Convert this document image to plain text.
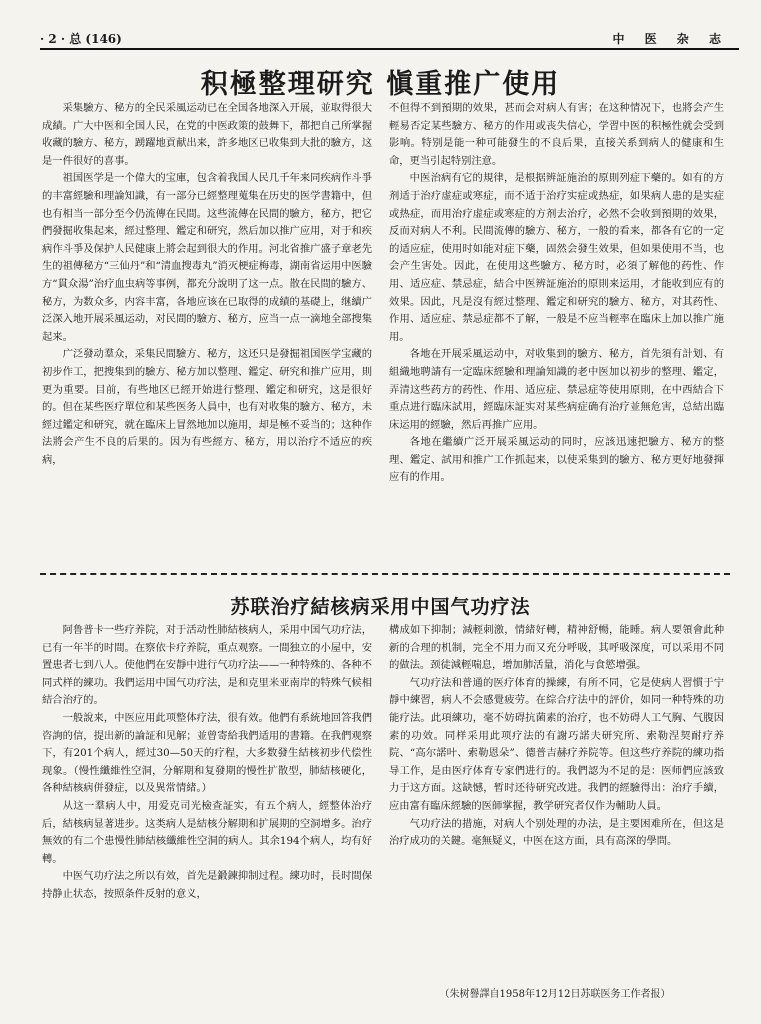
· 2 · 总 (146)	中 医 杂 志
积極整理研究 愼重推广使用

采集驗方、秘方的全民采風运动已在全国各地深入开展，並取得很大成績。广大中医和全国人民，在党的中医政策的鼓舞下，都把自己所掌握收藏的驗方、秘方，踴躍地貢献出来，許多地区已收集到大批的驗方，这是一件很好的喜事。

祖国医学是一个偉大的宝庫，包含着我国人民几千年来同疾病作斗爭的丰富經驗和理論知識，有一部分已經整理蒐集在历史的医学書籍中，但也有相当一部分至今仍流傳在民間。这些流傳在民間的驗方，秘方，把它們發掘收集起来，經过整理、鑑定和研究，然后加以推广应用，对于和疾病作斗爭及保护人民健康上將会起到很大的作用。河北省推广盛子章老先生的祖傳秘方“三仙丹”和“清血搜毒丸”消灭梗症梅毒，湖南省运用中医驗方“貫众湯”治疗血虫病等事例，都充分說明了这一点。散在民間的驗方、秘方，为数众多，内容丰富，各地应该在已取得的成績的基礎上，继續广泛深入地开展采風运动，对民間的驗方、秘方，应当一点一滴地全部搜集起来。

广泛發动羣众，采集民間驗方、秘方，这还只是發掘祖国医学宝藏的初步作工，把搜集到的驗方、秘方加以整理、鑑定、研究和推广应用，則更为重要。目前，有些地区已經开始进行整理、鑑定和研究，这是很好的。但在某些医疗單位和某些医务人員中，也有对收集的驗方、秘方，未經过鑑定和研究，就在臨床上冒然地加以施用，却是極不妥当的；这种作法將会产生不良的后果的。因为有些經方、秘方，用以治疗不适应的疾病，

不但得不到預期的效果，甚而会对病人有害；在这种情况下，也將会产生輕易否定某些驗方、秘方的作用或丧失信心，学習中医的积極性就会受到影响。特别是能一种可能發生的不良后果，直接关系到病人的健康和生命，更当引起特别注意。

中医治病有它的規律，是根据辨証施治的原則列症下藥的。如有的方剂适于治疗虚症或寒症，而不适于治疗实症或热症，如果病人患的是实症或热症，而用治疗虚症或寒症的方剂去治疗，必然不会收到預期的效果，反而对病人不利。民間流傳的驗方、秘方，一般的看来，都各有它的一定的适应症，使用时如能对症下藥，固然会發生效果，但如果使用不当，也会产生害处。因此，在使用这些驗方、秘方时，必須了解他的药性、作用、适应症、禁忌症，結合中医辨証施治的原則来运用，才能收到应有的效果。因此，凡是沒有經过整理、鑑定和研究的驗方、秘方，对其药性、作用、适应症、禁忌症都不了解，一般是不应当輕率在臨床上加以推广施用。

各地在开展采風运动中，对收集到的驗方、秘方，首先須有計划、有組織地聘請有一定臨床經驗和理論知識的老中医加以初步的整理、鑑定，弄清这些药方的药性、作用、适应症、禁忌症等使用原則，在中西結合下重点进行臨床試用，經臨床証实对某些病症确有治疗並無危害，总結出臨床运用的經驗，然后再推广应用。

各地在繼續广泛开展采風运动的同时，应該迅速把驗方、秘方的整理、鑑定、試用和推广工作抓起来，以使采集到的驗方、秘方更好地發揮应有的作用。

苏联治疗結核病采用中国气功疗法

阿鲁普卡一些疗养院，对于活动性肺結核病人，采用中国气功疗法，已有一年半的时間。在察依卡疗养院，重点观察。一間独立的小屋中，安置患者七到八人。使他們在安靜中进行气功疗法——一种特殊的、各种不同式样的練功。我們运用中国气功疗法，是和克里米亚南岸的特殊气候相結合治疗的。

一般說来，中医应用此项整体疗法，很有效。他們有系統地回答我們咨詢的信，提出新的論証和见解；並曾寄給我們适用的書籍。在我們观察下，有201个病人，經过30—50天的疗程，大多数發生結核初步代偿性现象。（慢性纖維性空洞，分解期和复發期的慢性扩散型，肺結核硬化，各种結核病併發症，以及異常情緒。）

从这一羣病人中，用爱克司光檢查証实，有五个病人，經整体治疗后，結核病显著进步。这类病人是結核分解期和扩展期的空洞增多。治疗無效的有二个患慢性肺結核纖維性空洞的病人。其余194个病人，均有好轉。

中医气功疗法之所以有效，首先是鍛鍊抑制过程。練功时，長时間保持静止状态，按照条件反射的意义，

構成如下抑制；減輕刺激，情緒好轉，精神舒暢，能睡。病人要領會此种新的合理的机制，完全不用力而又充分呼吸，其呼吸深度，可以采用不同的做法。颈徒減輕喘息，增加肺活量，消化与食慾增强。

气功疗法和普通的医疗体育的操練，有所不同，它是使病人習慣于宁靜中練習，病人不会感覺疲劳。在綜合疗法中的評价，如同一种特殊的功能疗法。此項練功，毫不妨碍抗菌素的治疗，也不妨碍人工气胸、气腹因素的功效。同样采用此项疗法的有謝巧諾夫研究所、索勒涅契耐疗养院、“高尔諾叶、索勒恩朵”、德普吉赫疗养院等。但这些疗养院的練功指导工作，是由医疗体育专家們进行的。我們認为不足的是：医师們应該致力于这方面。这缺憾，暂时还待研究改进。我們的經驗得出：治疗手續，应由富有臨床經驗的医師掌握，教学研究者仅作为輔助人員。

气功疗法的措施，对病人个别处理的办法，是主要困难所在，但这是治疗成功的关鍵。毫無疑义，中医在这方面，具有高深的學問。

（朱树譽譯自1958年12月12日苏联医务工作者报）
